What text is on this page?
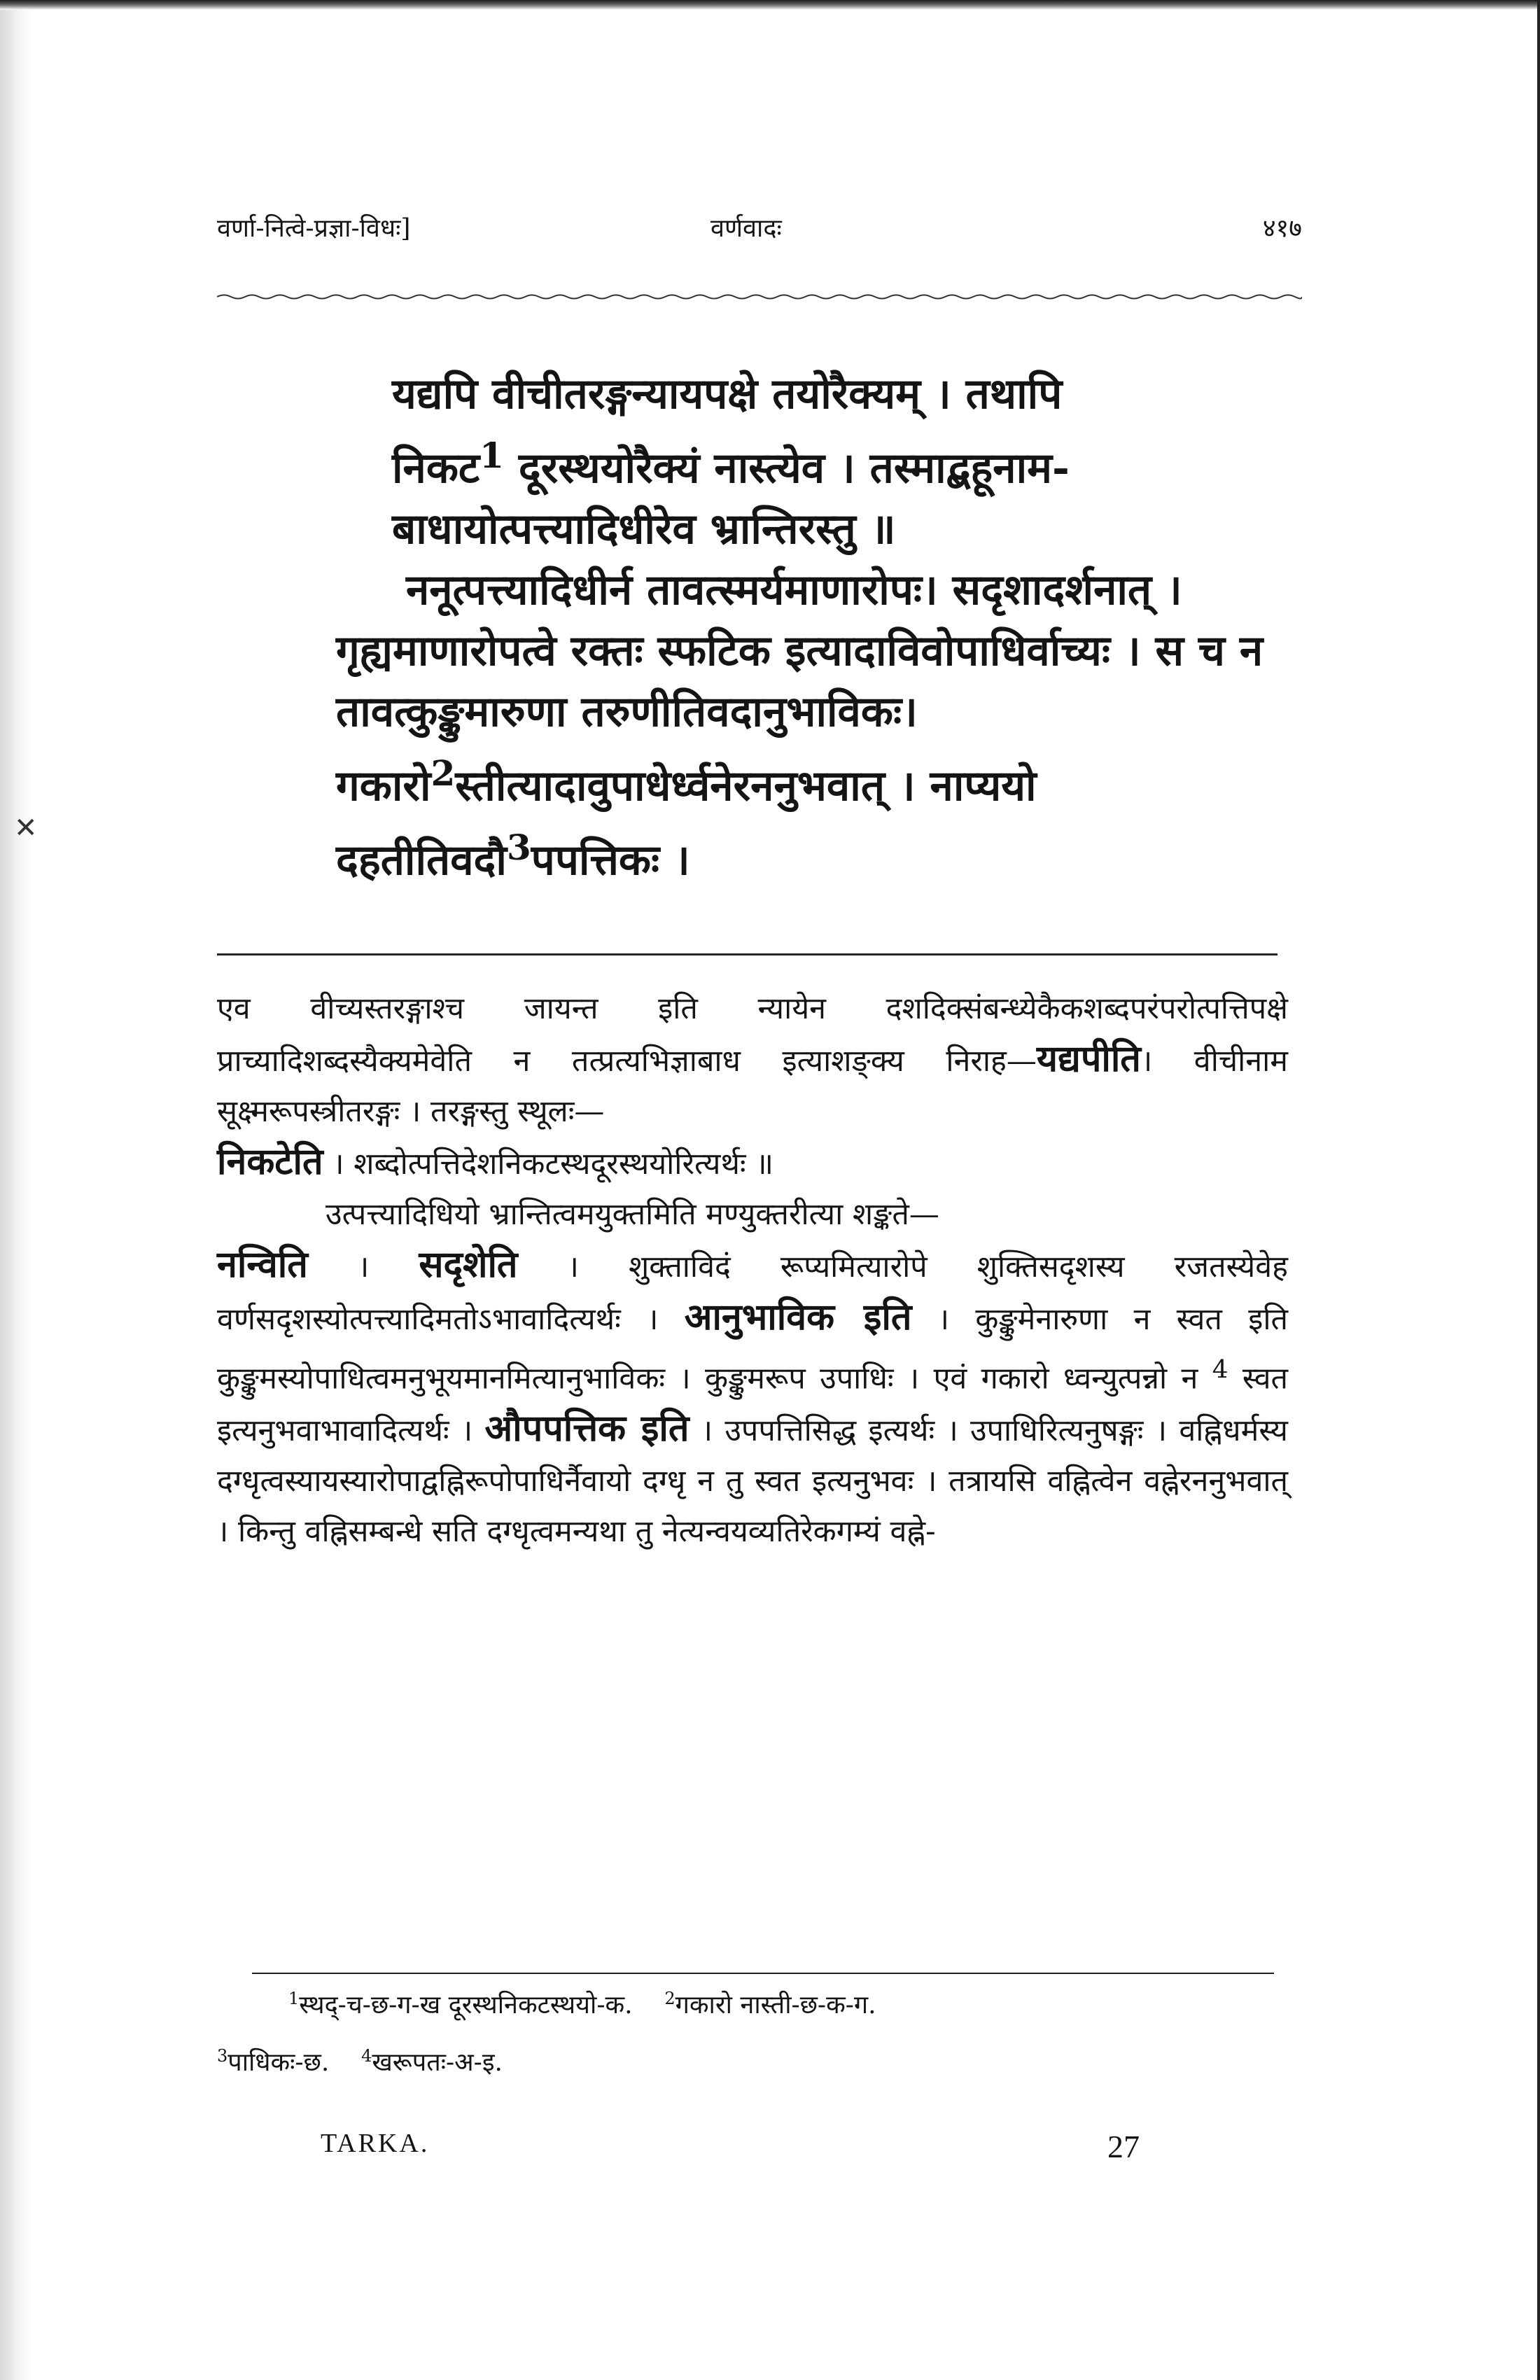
✕
वर्णा-नित्वे-प्रज्ञा-विधः]	वर्णवादः	४१७

यद्यपि वीचीतरङ्गन्यायपक्षे तयोरैक्यम् । तथापि

निकट$^1$ दूरस्थयोरैक्यं नास्त्येव । तस्माद्बहूनाम-

बाधायोत्पत्त्यादिधीरेव भ्रान्तिरस्तु ॥

ननूत्पत्त्यादिधीर्न तावत्स्मर्यमाणारोपः। सदृशादर्शनात् । गृह्यमाणारोपत्वे रक्तः स्फटिक इत्यादाविवोपाधिर्वाच्यः । स च न तावत्कुङ्कुमारुणा तरुणीतिवदानुभाविकः। गकारो$^2$स्तीत्यादावुपाधेर्ध्वनेरननुभवात् । नाप्ययो दहतीतिवदौ$^3$पपत्तिकः ।

एव वीच्यस्तरङ्गाश्च जायन्त इति न्यायेन दशदिक्संबन्ध्येकैकशब्दपरंपरोत्पत्तिपक्षे प्राच्यादिशब्दस्यैक्यमेवेति न तत्प्रत्यभिज्ञाबाध इत्याशङ्क्य निराह—यद्यपीति। वीचीनाम सूक्ष्मरूपस्त्रीतरङ्गः । तरङ्गस्तु स्थूलः—
निकटेति । शब्दोत्पत्तिदेशनिकटस्थदूरस्थयोरित्यर्थः ॥

उत्पत्त्यादिधियो भ्रान्तित्वमयुक्तमिति मण्युक्तरीत्या शङ्कते—
नन्विति । सदृशेति । शुक्ताविदं रूप्यमित्यारोपे शुक्तिसदृशस्य रजतस्येवेह वर्णसदृशस्योत्पत्त्यादिमतोऽभावादित्यर्थः । आनुभाविक इति । कुङ्कुमेनारुणा न स्वत इति कुङ्कुमस्योपाधित्वमनुभूयमानमित्यानुभाविकः । कुङ्कुमरूप उपाधिः । एवं गकारो ध्वन्युत्पन्नो न $^4$ स्वत इत्यनुभवाभावादित्यर्थः । औपपत्तिक इति । उपपत्तिसिद्ध इत्यर्थः । उपाधिरित्यनुषङ्गः । वह्निधर्मस्य दग्धृत्वस्यायस्यारोपाद्वह्निरूपोपाधिर्नैवायो दग्धृ न तु स्वत इत्यनुभवः । तत्रायसि वह्नित्वेन वह्नेरननुभवात् । किन्तु वह्निसम्बन्धे सति दग्धृत्वमन्यथा तु नेत्यन्वयव्यतिरेकगम्यं वह्ने-

$^1$स्थद्-च-छ-ग-ख दूरस्थनिकटस्थयो-क. $^2$गकारो नास्ती-छ-क-ग.
$^3$पाधिकः-छ. $^4$खरूपतः-अ-इ.
TARKA.	27
